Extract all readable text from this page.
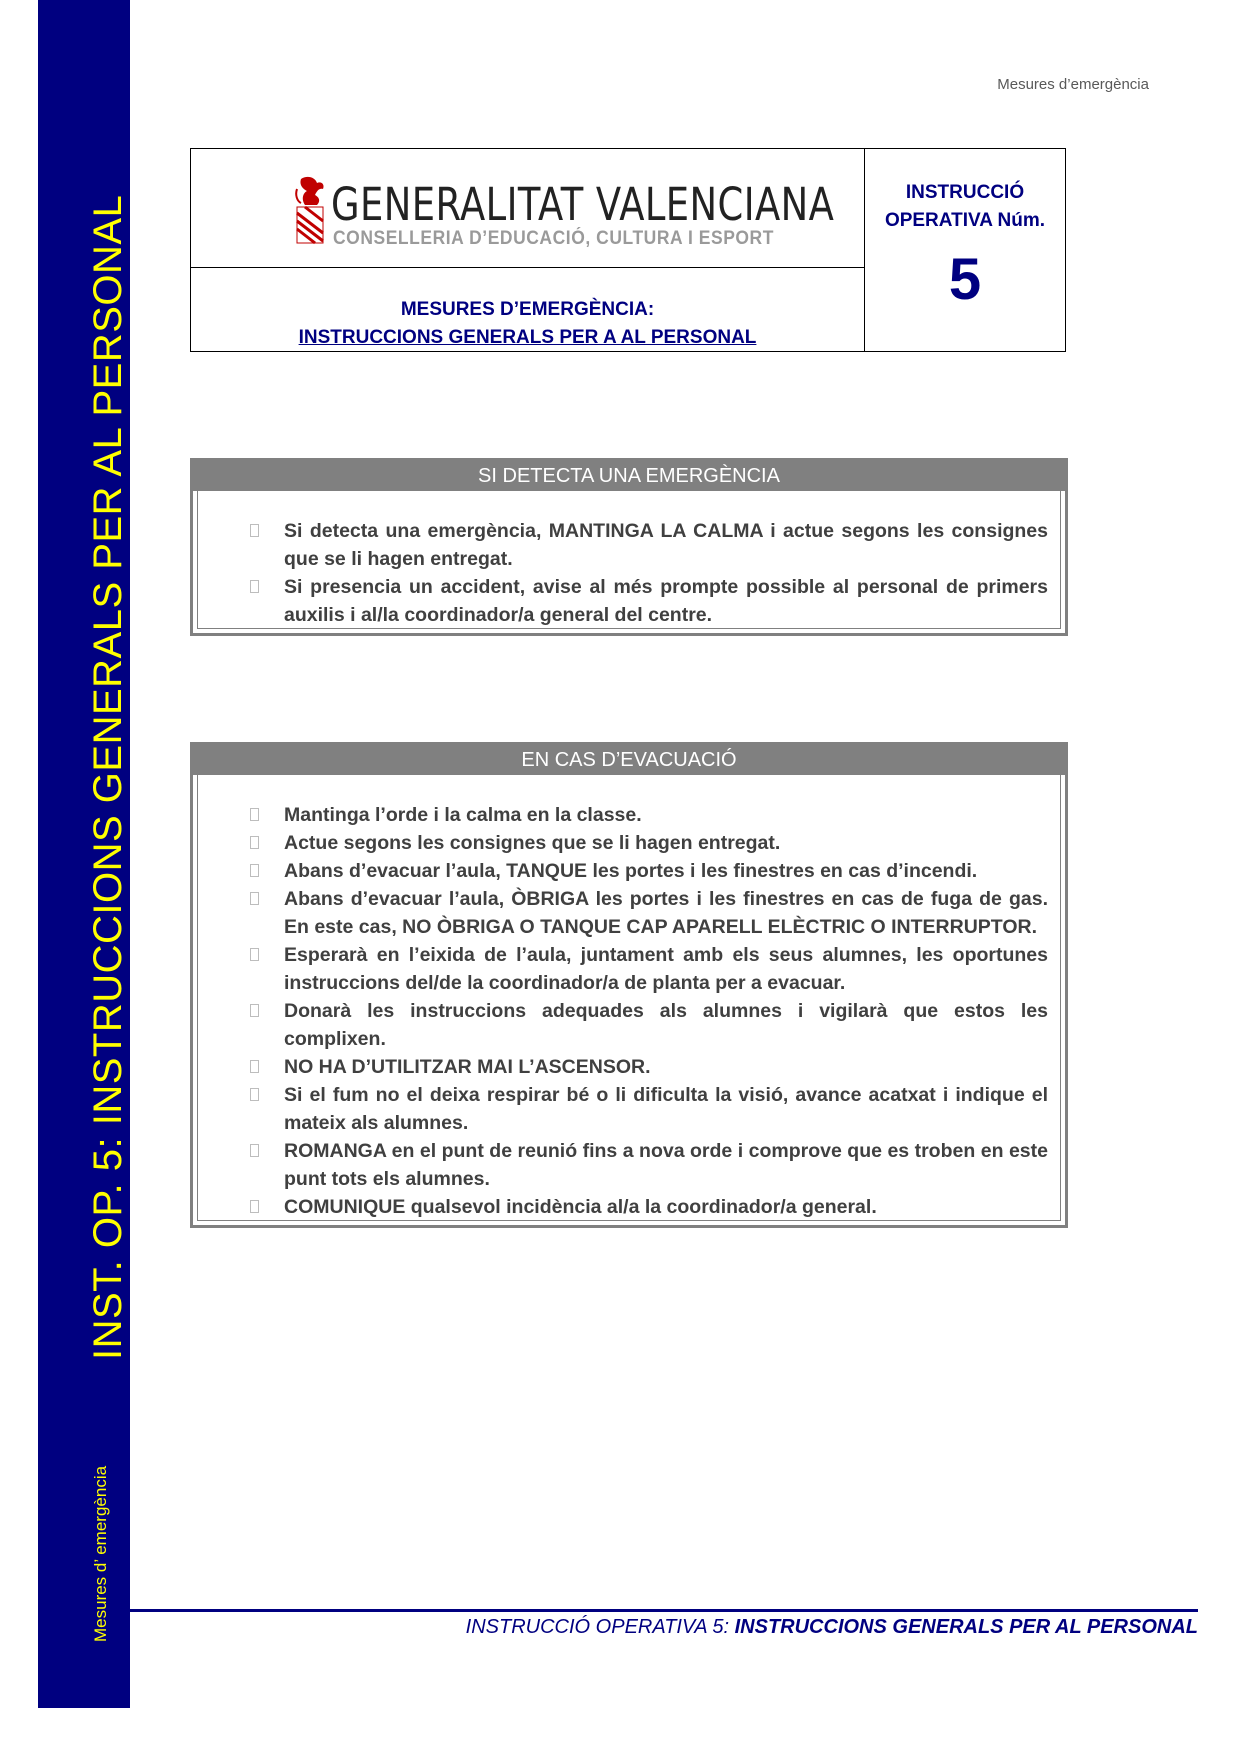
INST. OP. 5: INSTRUCCIONS GENERALS PER AL PERSONAL
Mesures d’ emergència
Mesures d’emergència
GENERALITAT VALENCIANA
CONSELLERIA D’EDUCACIÓ, CULTURA I ESPORT
MESURES D’EMERGÈNCIA:
INSTRUCCIONS GENERALS PER A AL PERSONAL
INSTRUCCIÓ
OPERATIVA Núm.
5
SI DETECTA UNA EMERGÈNCIA
Si detecta una emergència, MANTINGA LA CALMA i actue segons les consignes que se li hagen entregat.
Si presencia un accident, avise al més prompte possible al personal de primers auxilis i al/la coordinador/a general del centre.
EN CAS D’EVACUACIÓ
Mantinga l’orde i la calma en la classe.
Actue segons les consignes que se li hagen entregat.
Abans d’evacuar l’aula, TANQUE les portes i les finestres en cas d’incendi.
Abans d’evacuar l’aula, ÒBRIGA les portes i les finestres en cas de fuga de gas. En este cas, NO ÒBRIGA O TANQUE CAP APARELL ELÈCTRIC O INTERRUPTOR.
Esperarà en l’eixida de l’aula, juntament amb els seus alumnes, les oportunes instruccions del/de la coordinador/a de planta per a evacuar.
Donarà les instruccions adequades als alumnes i vigilarà que estos les complixen.
NO HA D’UTILITZAR MAI L’ASCENSOR.
Si el fum no el deixa respirar bé o li dificulta la visió, avance acatxat i indique el mateix als alumnes.
ROMANGA en el punt de reunió fins a nova orde i comprove que es troben en este punt tots els alumnes.
COMUNIQUE qualsevol incidència al/a la coordinador/a general.
INSTRUCCIÓ OPERATIVA 5: INSTRUCCIONS GENERALS PER AL PERSONAL
